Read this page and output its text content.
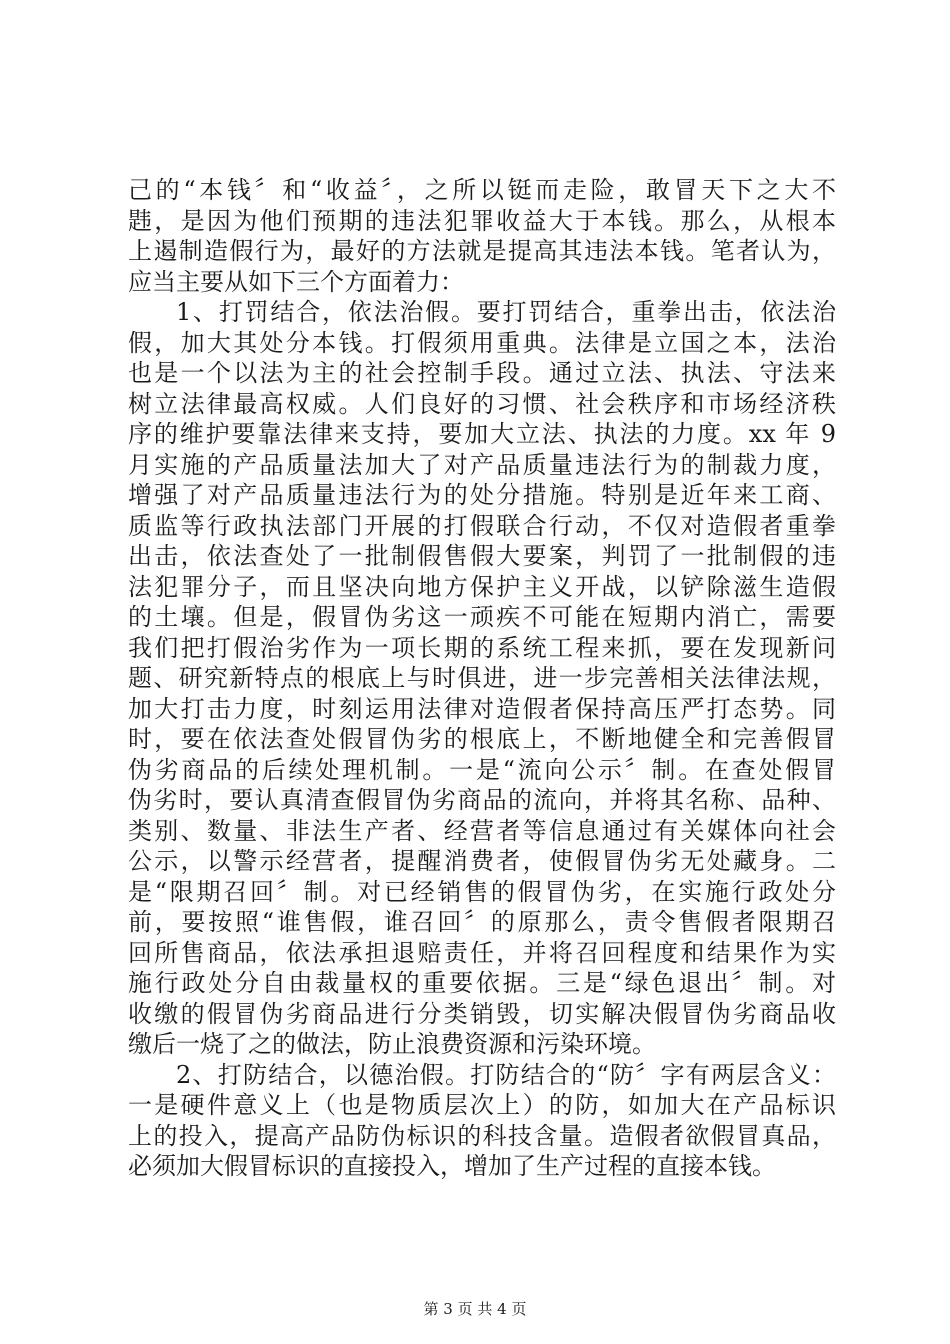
己的“本钱〞和“收益〞，之所以铤而走险，敢冒天下之大不
韪，是因为他们预期的违法犯罪收益大于本钱。那么，从根本
上遏制造假行为，最好的方法就是提高其违法本钱。笔者认为，
应当主要从如下三个方面着力：
1、打罚结合，依法治假。要打罚结合，重拳出击，依法治
假，加大其处分本钱。打假须用重典。法律是立国之本，法治
也是一个以法为主的社会控制手段。通过立法、执法、守法来
树立法律最高权威。人们良好的习惯、社会秩序和市场经济秩
序的维护要靠法律来支持，要加大立法、执法的力度。xx 年 9
月实施的产品质量法加大了对产品质量违法行为的制裁力度，
增强了对产品质量违法行为的处分措施。特别是近年来工商、
质监等行政执法部门开展的打假联合行动，不仅对造假者重拳
出击，依法查处了一批制假售假大要案，判罚了一批制假的违
法犯罪分子，而且坚决向地方保护主义开战，以铲除滋生造假
的土壤。但是，假冒伪劣这一顽疾不可能在短期内消亡，需要
我们把打假治劣作为一项长期的系统工程来抓，要在发现新问
题、研究新特点的根底上与时俱进，进一步完善相关法律法规，
加大打击力度，时刻运用法律对造假者保持高压严打态势。同
时，要在依法查处假冒伪劣的根底上，不断地健全和完善假冒
伪劣商品的后续处理机制。一是“流向公示〞制。在查处假冒
伪劣时，要认真清查假冒伪劣商品的流向，并将其名称、品种、
类别、数量、非法生产者、经营者等信息通过有关媒体向社会
公示，以警示经营者，提醒消费者，使假冒伪劣无处藏身。二
是“限期召回〞制。对已经销售的假冒伪劣，在实施行政处分
前，要按照“谁售假，谁召回〞的原那么，责令售假者限期召
回所售商品，依法承担退赔责任，并将召回程度和结果作为实
施行政处分自由裁量权的重要依据。三是“绿色退出〞制。对
收缴的假冒伪劣商品进行分类销毁，切实解决假冒伪劣商品收
缴后一烧了之的做法，防止浪费资源和污染环境。
2、打防结合，以德治假。打防结合的“防〞字有两层含义：
一是硬件意义上（也是物质层次上）的防，如加大在产品标识
上的投入，提高产品防伪标识的科技含量。造假者欲假冒真品，
必须加大假冒标识的直接投入，增加了生产过程的直接本钱。
第 3 页 共 4 页
